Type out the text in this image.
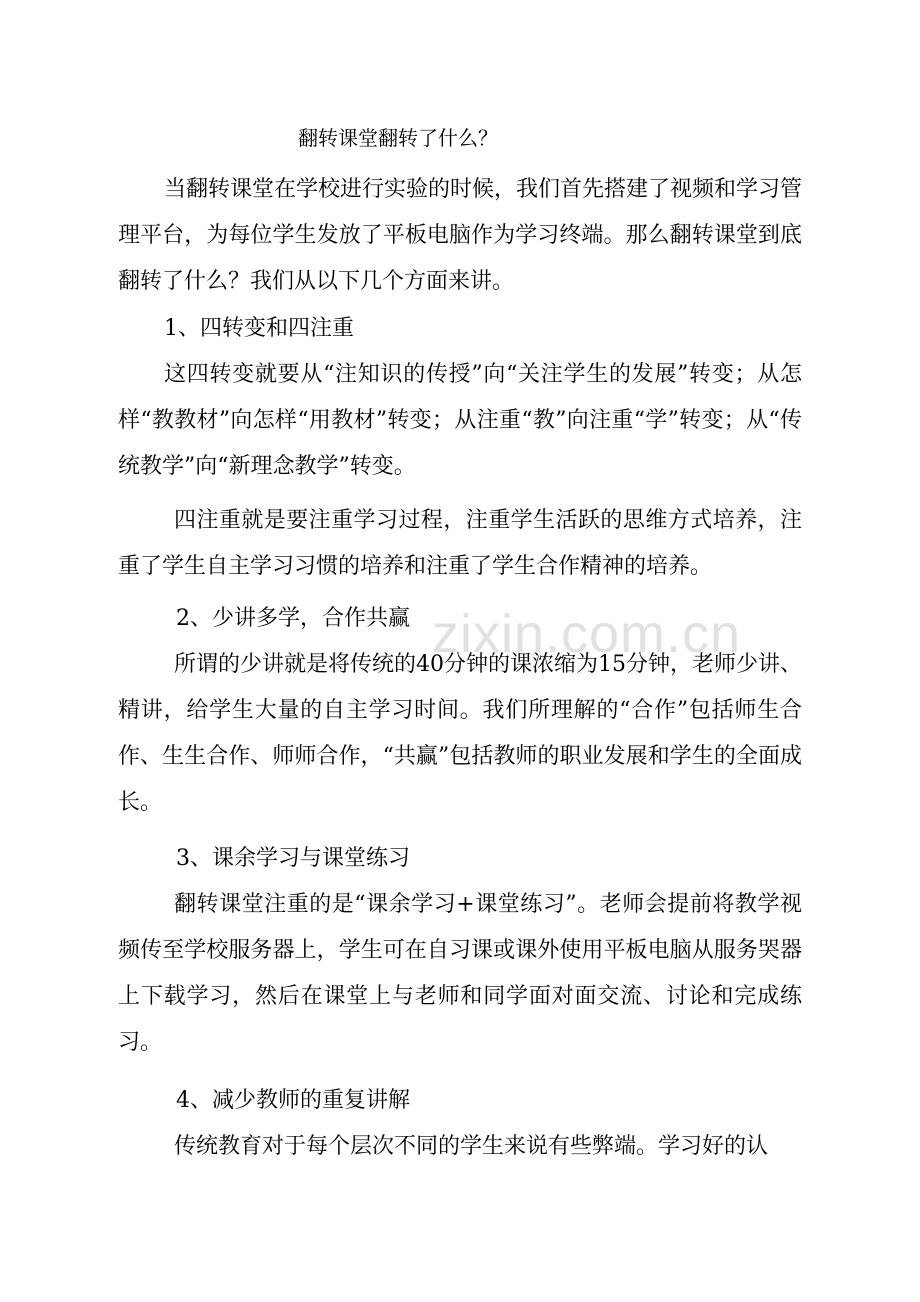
翻转课堂翻转了什么？

当翻转课堂在学校进行实验的时候，我们首先搭建了视频和学习管理平台，为每位学生发放了平板电脑作为学习终端。那么翻转课堂到底翻转了什么？我们从以下几个方面来讲。

1、四转变和四注重

这四转变就要从“注知识的传授”向“关注学生的发展”转变；从怎样“教教材”向怎样“用教材”转变；从注重“教”向注重“学”转变；从“传统教学”向“新理念教学”转变。

四注重就是要注重学习过程，注重学生活跃的思维方式培养，注重了学生自主学习习惯的培养和注重了学生合作精神的培养。

2、少讲多学，合作共赢

所谓的少讲就是将传统的40分钟的课浓缩为15分钟，老师少讲、精讲，给学生大量的自主学习时间。我们所理解的“合作”包括师生合作、生生合作、师师合作，“共赢”包括教师的职业发展和学生的全面成长。

3、课余学习与课堂练习

翻转课堂注重的是“课余学习+课堂练习”。老师会提前将教学视频传至学校服务器上，学生可在自习课或课外使用平板电脑从服务哭器上下载学习，然后在课堂上与老师和同学面对面交流、讨论和完成练习。

4、减少教师的重复讲解

传统教育对于每个层次不同的学生来说有些弊端。学习好的认

zixin.com.cn
